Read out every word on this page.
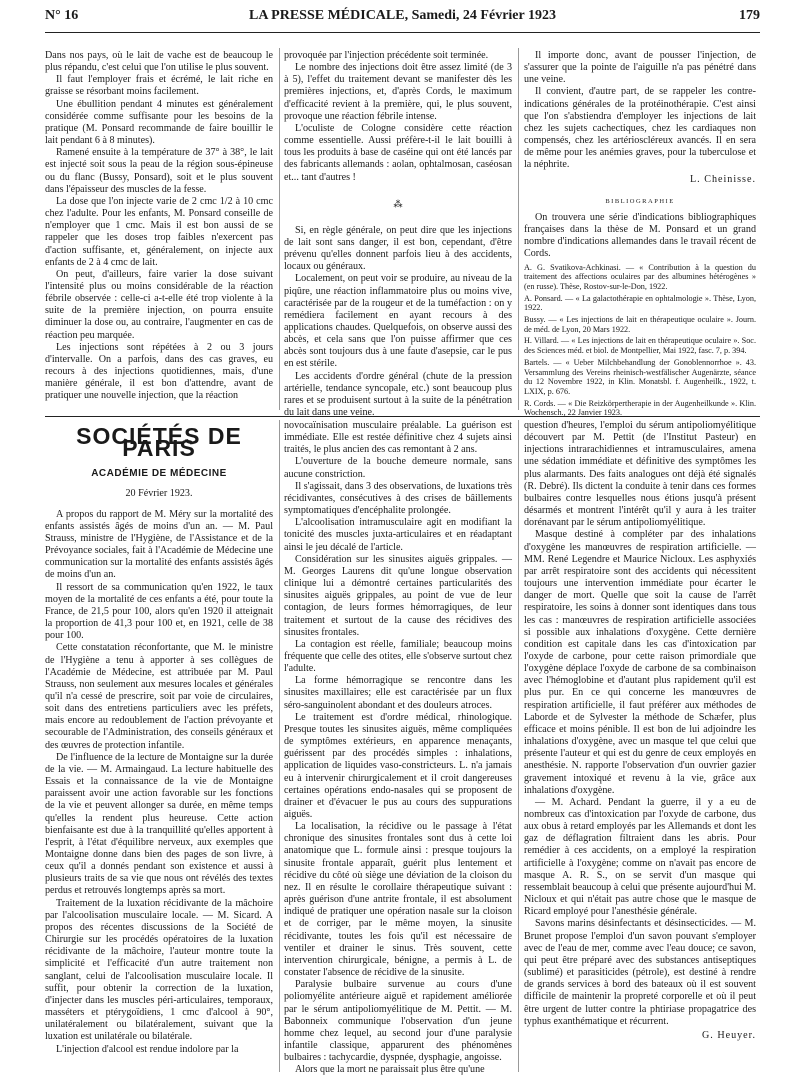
N° 16	LA PRESSE MÉDICALE, Samedi, 24 Février 1923	179

Dans nos pays, où le lait de vache est de beaucoup le plus répandu, c'est celui que l'on utilise le plus souvent.

Il faut l'employer frais et écrémé, le lait riche en graisse se résorbant moins facilement.

Une ébullition pendant 4 minutes est généralement considérée comme suffisante pour les besoins de la pratique (M. Ponsard recommande de faire bouillir le lait pendant 6 à 8 minutes).

Ramené ensuite à la température de 37° à 38°, le lait est injecté soit sous la peau de la région sous-épineuse ou du flanc (Bussy, Ponsard), soit et le plus souvent dans l'épaisseur des muscles de la fesse.

La dose que l'on injecte varie de 2 cmc 1/2 à 10 cmc chez l'adulte. Pour les enfants, M. Ponsard conseille de n'employer que 1 cmc. Mais il est bon aussi de se rappeler que les doses trop faibles n'exercent pas d'action suffisante, et, généralement, on injecte aux enfants de 2 à 4 cmc de lait.

On peut, d'ailleurs, faire varier la dose suivant l'intensité plus ou moins considérable de la réaction fébrile observée : celle-ci a-t-elle été trop violente à la suite de la première injection, on pourra ensuite diminuer la dose ou, au contraire, l'augmenter en cas de réaction peu marquée.

Les injections sont répétées à 2 ou 3 jours d'intervalle. On a parfois, dans des cas graves, eu recours à des injections quotidiennes, mais, d'une manière générale, il est bon d'attendre, avant de pratiquer une nouvelle injection, que la réaction

provoquée par l'injection précédente soit terminée.

Le nombre des injections doit être assez limité (de 3 à 5), l'effet du traitement devant se manifester dès les premières injections, et, d'après Cords, le maximum d'efficacité revient à la première, qui, le plus souvent, provoque une réaction fébrile intense.

L'oculiste de Cologne considère cette réaction comme essentielle. Aussi préfère-t-il le lait bouilli à tous les produits à base de caséine qui ont été lancés par des fabricants allemands : aolan, ophtalmosan, caséosan et... tant d'autres !

⁂

Si, en règle générale, on peut dire que les injections de lait sont sans danger, il est bon, cependant, d'être prévenu qu'elles donnent parfois lieu à des accidents, locaux ou généraux.

Localement, on peut voir se produire, au niveau de la piqûre, une réaction inflammatoire plus ou moins vive, caractérisée par de la rougeur et de la tuméfaction : on y remédiera facilement en ayant recours à des applications chaudes. Quelquefois, on observe aussi des abcès, et cela sans que l'on puisse affirmer que ces abcès sont toujours dus à une faute d'asepsie, car le pus en est stérile.

Les accidents d'ordre général (chute de la pression artérielle, tendance syncopale, etc.) sont beaucoup plus rares et se produisent surtout à la suite de la pénétration du lait dans une veine.

Il importe donc, avant de pousser l'injection, de s'assurer que la pointe de l'aiguille n'a pas pénétré dans une veine.

Il convient, d'autre part, de se rappeler les contre-indications générales de la protéinothérapie. C'est ainsi que l'on s'abstiendra d'employer les injections de lait chez les sujets cachectiques, chez les cardiaques non compensés, chez les artérioscléreux avancés. Il en sera de même pour les anémies graves, pour la tuberculose et la néphrite.

L. Cheinisse.
BIBLIOGRAPHIE

On trouvera une série d'indications bibliographiques françaises dans la thèse de M. Ponsard et un grand nombre d'indications allemandes dans le travail récent de Cords.

A. G. Svatikova-Achkinasi. — « Contribution à la question du traitement des affections oculaires par des albumines hétérogènes » (en russe). Thèse, Rostov-sur-le-Don, 1922.

A. Ponsard. — « La galactothérapie en ophtalmologie ». Thèse, Lyon, 1922.

Bussy. — « Les injections de lait en thérapeutique oculaire ». Journ. de méd. de Lyon, 20 Mars 1922.

H. Villard. — « Les injections de lait en thérapeutique oculaire ». Soc. des Sciences méd. et biol. de Montpellier, Mai 1922, fasc. 7, p. 394.

Bartels. — « Ueber Milchbehandlung der Gonoblennorrhoe ». 43. Versammlung des Vereins rheinisch-westfälischer Augenärzte, séance du 12 Novembre 1922, in Klin. Monatsbl. f. Augenheilk., 1922, t. LXIX, p. 676.

R. Cords. — « Die Reizkörpertherapie in der Augenheilkunde ». Klin. Wochensch., 22 Janvier 1923.

SOCIÉTÉS DE PARIS
ACADÉMIE DE MÉDECINE
20 Février 1923.

A propos du rapport de M. Méry sur la mortalité des enfants assistés âgés de moins d'un an. — M. Paul Strauss, ministre de l'Hygiène, de l'Assistance et de la Prévoyance sociales, fait à l'Académie de Médecine une communication sur la mortalité des enfants assistés âgés de moins d'un an.

Il ressort de sa communication qu'en 1922, le taux moyen de la mortalité de ces enfants a été, pour toute la France, de 21,5 pour 100, alors qu'en 1920 il atteignait la proportion de 41,3 pour 100 et, en 1921, celle de 38 pour 100.

Cette constatation réconfortante, que M. le ministre de l'Hygiène a tenu à apporter à ses collègues de l'Académie de Médecine, est attribuée par M. Paul Strauss, non seulement aux mesures locales et générales qu'il n'a cessé de prescrire, soit par voie de circulaires, soit dans des entretiens particuliers avec les préfets, mais encore au redoublement de l'action prévoyante et secourable de l'Administration, des conseils généraux et des œuvres de protection infantile.

De l'influence de la lecture de Montaigne sur la durée de la vie. — M. Armaingaud. La lecture habituelle des Essais et la connaissance de la vie de Montaigne paraissent avoir une action favorable sur les fonctions de la vie et peuvent allonger sa durée, en même temps qu'elles la rendent plus heureuse. Cette action bienfaisante est due à la tranquillité qu'elles apportent à l'esprit, à l'état d'équilibre nerveux, aux exemples que Montaigne donne dans bien des pages de son livre, à ceux qu'il a donnés pendant son existence et aussi à plusieurs traits de sa vie que nous ont révélés des textes perdus et retrouvés longtemps après sa mort.

Traitement de la luxation récidivante de la mâchoire par l'alcoolisation musculaire locale. — M. Sicard. A propos des récentes discussions de la Société de Chirurgie sur les procédés opératoires de la luxation récidivante de la mâchoire, l'auteur montre toute la simplicité et l'efficacité d'un autre traitement non sanglant, celui de l'alcoolisation musculaire locale. Il suffit, pour obtenir la correction de la luxation, d'injecter dans les muscles péri-articulaires, temporaux, masséters et ptérygoïdiens, 1 cmc d'alcool à 90°, unilatéralement ou bilatéralement, suivant que la luxation est unilatérale ou bilatérale.

L'injection d'alcool est rendue indolore par la

novocaïnisation musculaire préalable. La guérison est immédiate. Elle est restée définitive chez 4 sujets ainsi traités, le plus ancien des cas remontant à 2 ans.

L'ouverture de la bouche demeure normale, sans aucune constriction.

Il s'agissait, dans 3 des observations, de luxations très récidivantes, consécutives à des crises de bâillements symptomatiques d'encéphalite prolongée.

L'alcoolisation intramusculaire agit en modifiant la tonicité des muscles juxta-articulaires et en réadaptant ainsi le jeu décalé de l'article.

Considération sur les sinusites aiguës grippales. — M. Georges Laurens dit qu'une longue observation clinique lui a démontré certaines particularités des sinusites aiguës grippales, au point de vue de leur contagion, de leurs formes hémorragiques, de leur traitement et surtout de la cause des récidives des sinusites frontales.

La contagion est réelle, familiale; beaucoup moins fréquente que celle des otites, elle s'observe surtout chez l'adulte.

La forme hémorragique se rencontre dans les sinusites maxillaires; elle est caractérisée par un flux séro-sanguinolent abondant et des douleurs atroces.

Le traitement est d'ordre médical, rhinologique. Presque toutes les sinusites aiguës, même compliquées de symptômes extérieurs, en apparence menaçants, guérissent par des procédés simples : inhalations, application de liquides vaso-constricteurs. L. n'a jamais eu à intervenir chirurgicalement et il croit dangereuses certaines opérations endo-nasales qui se proposent de drainer et d'évacuer le pus au cours des suppurations aiguës.

La localisation, la récidive ou le passage à l'état chronique des sinusites frontales sont dus à cette loi anatomique que L. formule ainsi : presque toujours la sinusite frontale apparaît, guérit plus lentement et récidive du côté où siège une déviation de la cloison du nez. Il en résulte le corollaire thérapeutique suivant : après guérison d'une antrite frontale, il est absolument indiqué de pratiquer une opération nasale sur la cloison et de corriger, par le même moyen, la sinusite récidivante, toutes les fois qu'il est nécessaire de ventiler et drainer le sinus. Très souvent, cette intervention chirurgicale, bénigne, a permis à L. de constater l'absence de récidive de la sinusite.

Paralysie bulbaire survenue au cours d'une poliomyélite antérieure aiguë et rapidement améliorée par le sérum antipoliomyélitique de M. Pettit. — M. Babonneix communique l'observation d'un jeune homme chez lequel, au second jour d'une paralysie infantile classique, apparurent des phénomènes bulbaires : tachycardie, dyspnée, dysphagie, angoisse.

Alors que la mort ne paraissait plus être qu'une

question d'heures, l'emploi du sérum antipoliomyélitique découvert par M. Pettit (de l'Institut Pasteur) en injections intrarachidiennes et intramusculaires, amena une sédation immédiate et définitive des symptômes les plus alarmants. Des faits analogues ont déjà été signalés (R. Debré). Ils dictent la conduite à tenir dans ces formes bulbaires contre lesquelles nous étions jusqu'à présent désarmés et montrent l'intérêt qu'il y aura à les traiter dorénavant par le sérum antipoliomyélitique.

Masque destiné à compléter par des inhalations d'oxygène les manœuvres de respiration artificielle. — MM. René Legendre et Maurice Nicloux. Les asphyxiés par arrêt respiratoire sont des accidents qui nécessitent toujours une intervention immédiate pour écarter le danger de mort. Quelle que soit la cause de l'arrêt respiratoire, les soins à donner sont identiques dans tous les cas : manœuvres de respiration artificielle associées si possible aux inhalations d'oxygène. Cette dernière condition est capitale dans les cas d'intoxication par l'oxyde de carbone, pour cette raison primordiale que l'oxygène déplace l'oxyde de carbone de sa combinaison avec l'hémoglobine et d'autant plus rapidement qu'il est plus pur. En ce qui concerne les manœuvres de respiration artificielle, il faut préférer aux méthodes de Laborde et de Sylvester la méthode de Schæfer, plus efficace et moins pénible. Il est bon de lui adjoindre les inhalations d'oxygène, avec un masque tel que celui que présente l'auteur et qui est du genre de ceux employés en anesthésie. N. rapporte l'observation d'un ouvrier gazier gravement intoxiqué et revenu à la vie, grâce aux inhalations d'oxygène.

— M. Achard. Pendant la guerre, il y a eu de nombreux cas d'intoxication par l'oxyde de carbone, dus aux obus à retard employés par les Allemands et dont les gaz de déflagration filtraient dans les abris. Pour remédier à ces accidents, on a employé la respiration artificielle à l'oxygène; comme on n'avait pas encore de masque A. R. S., on se servit d'un masque qui ressemblait beaucoup à celui que présente aujourd'hui M. Nicloux et qui n'était pas autre chose que le masque de Ricard employé pour l'anesthésie générale.

Savons marins désinfectants et désinsecticides. — M. Brunet propose l'emploi d'un savon pouvant s'employer avec de l'eau de mer, comme avec l'eau douce; ce savon, qui peut être préparé avec des substances antiseptiques (sublimé) et parasiticides (pétrole), est destiné à rendre de grands services à bord des bateaux où il est souvent difficile de maintenir la propreté corporelle et où il peut être urgent de lutter contre la phtiriase propagatrice des typhus exanthématique et récurrent.

G. Heuyer.
